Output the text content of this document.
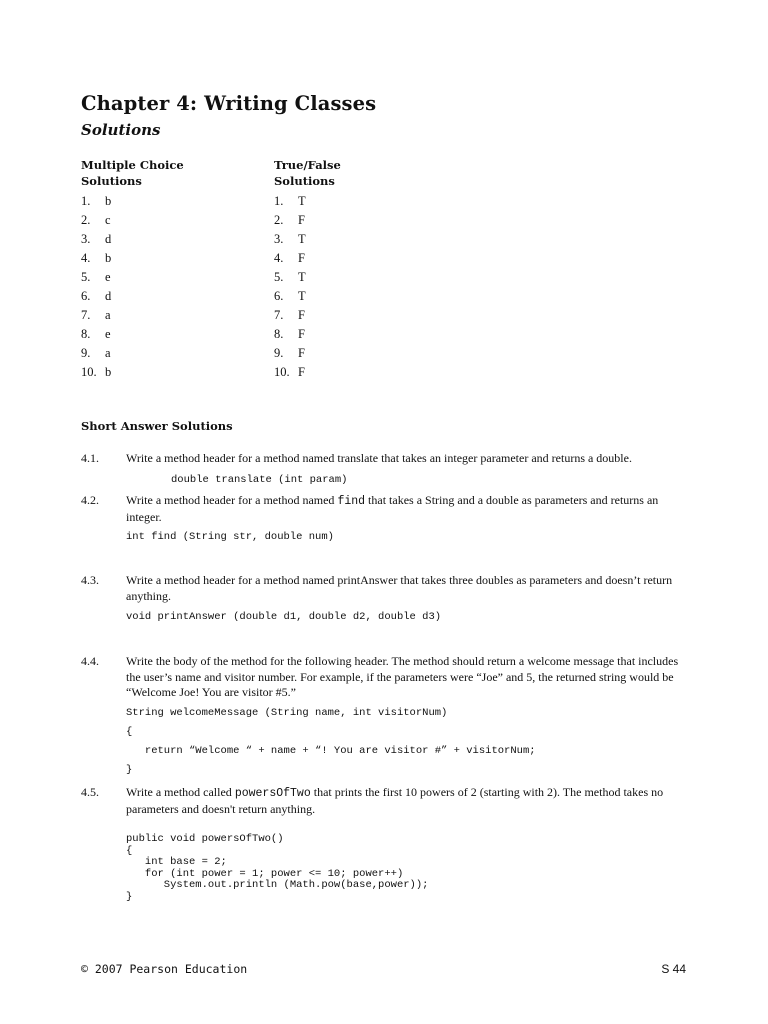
Chapter 4: Writing Classes
Solutions
Multiple Choice
Solutions
1.	b
2.	c
3.	d
4.	b
5.	e
6.	d
7.	a
8.	e
9.	a
10. b
True/False
Solutions
1.	T
2.	F
3.	T
4.	F
5.	T
6.	T
7.	F
8.	F
9.	F
10. F
Short Answer Solutions
4.1. Write a method header for a method named translate that takes an integer parameter and returns a double.

double translate (int param)
4.2. Write a method header for a method named find that takes a String and a double as parameters and returns an integer.

int find (String str, double num)
4.3. Write a method header for a method named printAnswer that takes three doubles as parameters and doesn’t return anything.

void printAnswer (double d1, double d2, double d3)
4.4. Write the body of the method for the following header. The method should return a welcome message that includes the user’s name and visitor number. For example, if the parameters were “Joe” and 5, the returned string would be “Welcome Joe! You are visitor #5.”

String welcomeMessage (String name, int visitorNum)
{
return “Welcome “ + name + “! You are visitor #” + visitorNum;
}
4.5. Write a method called powersOfTwo that prints the first 10 powers of 2 (starting with 2). The method takes no parameters and doesn't return anything.

public void powersOfTwo()
{
int base = 2;
for (int power = 1; power <= 10; power++)
System.out.println (Math.pow(base,power));
}
© 2007 Pearson Education	S 44
